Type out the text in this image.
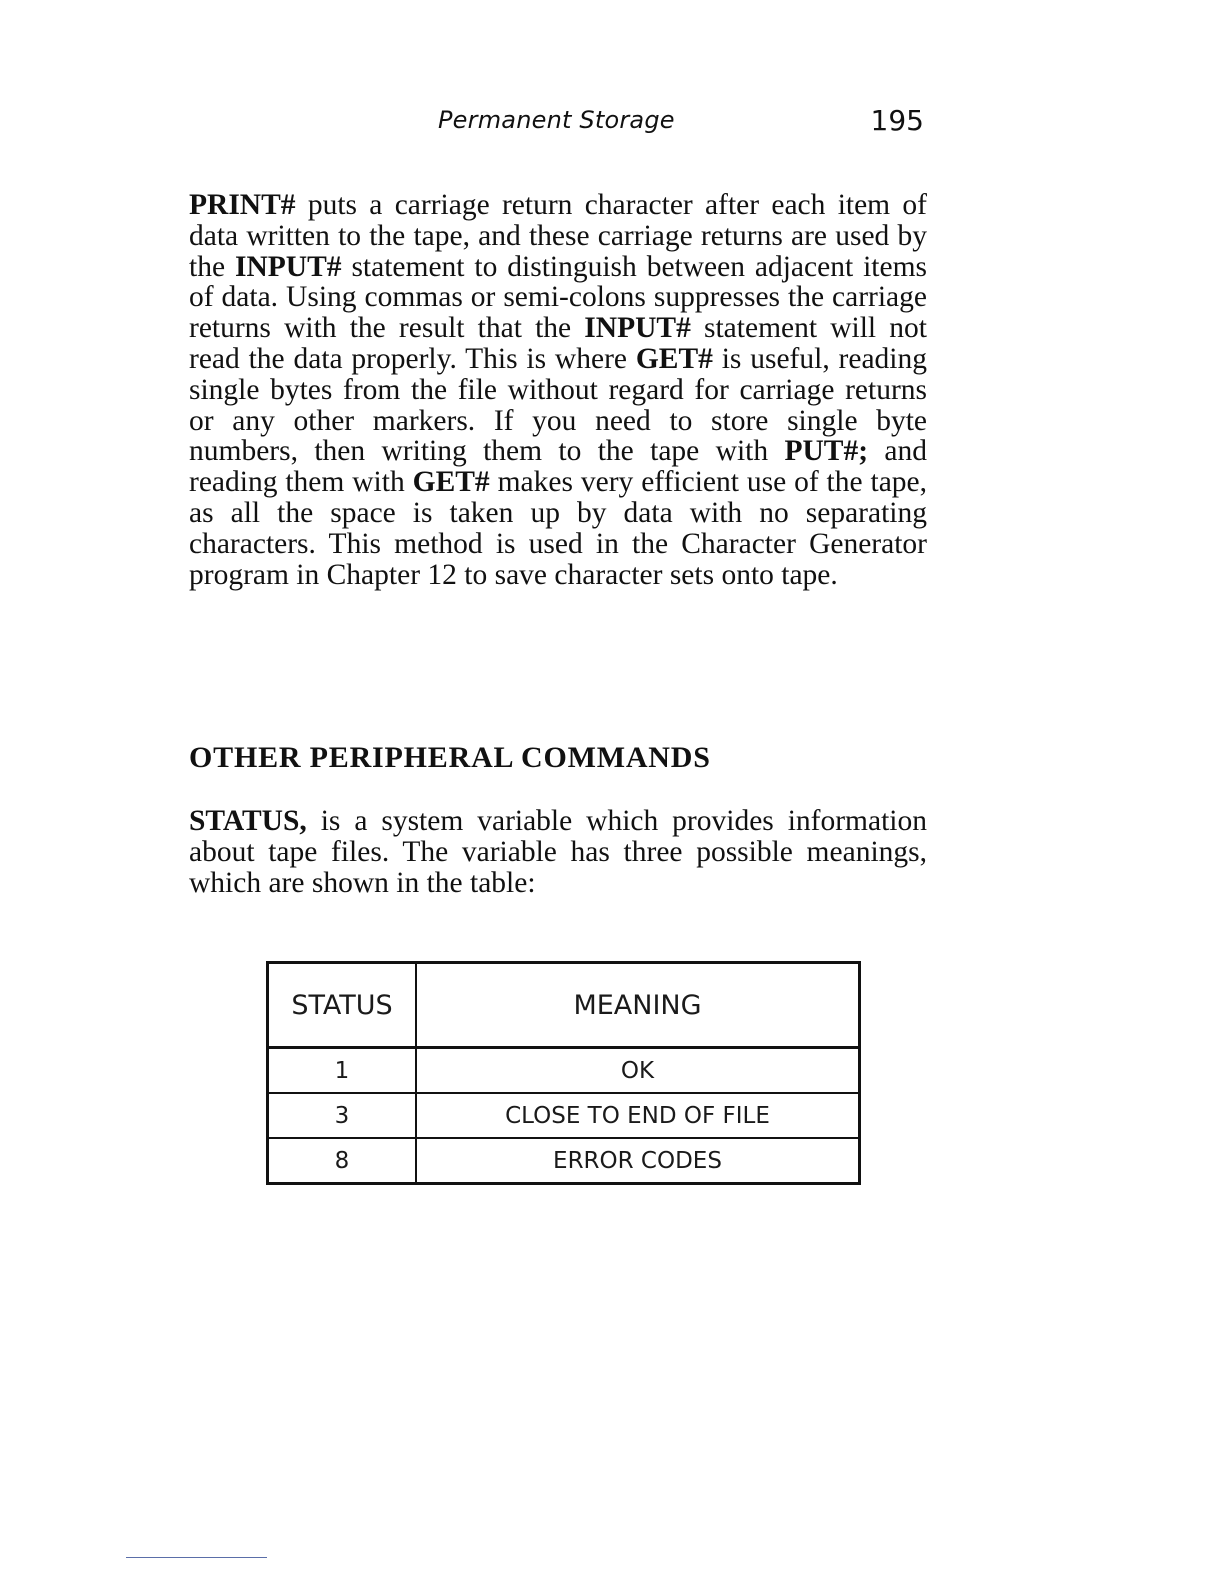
Permanent Storage	195

PRINT# puts a carriage return character after each item of data written to the tape, and these carriage returns are used by the INPUT# statement to distinguish between adjacent items of data. Using commas or semi-colons suppresses the carriage returns with the result that the INPUT# statement will not read the data properly. This is where GET# is useful, reading single bytes from the file without regard for carriage returns or any other markers. If you need to store single byte numbers, then writing them to the tape with PUT#; and reading them with GET# makes very efficient use of the tape, as all the space is taken up by data with no separating characters. This method is used in the Character Generator program in Chapter 12 to save character sets onto tape.

OTHER PERIPHERAL COMMANDS

STATUS, is a system variable which provides information about tape files. The variable has three possible meanings, which are shown in the table:

STATUS	MEANING
1	OK
3	CLOSE TO END OF FILE
8	ERROR CODES
